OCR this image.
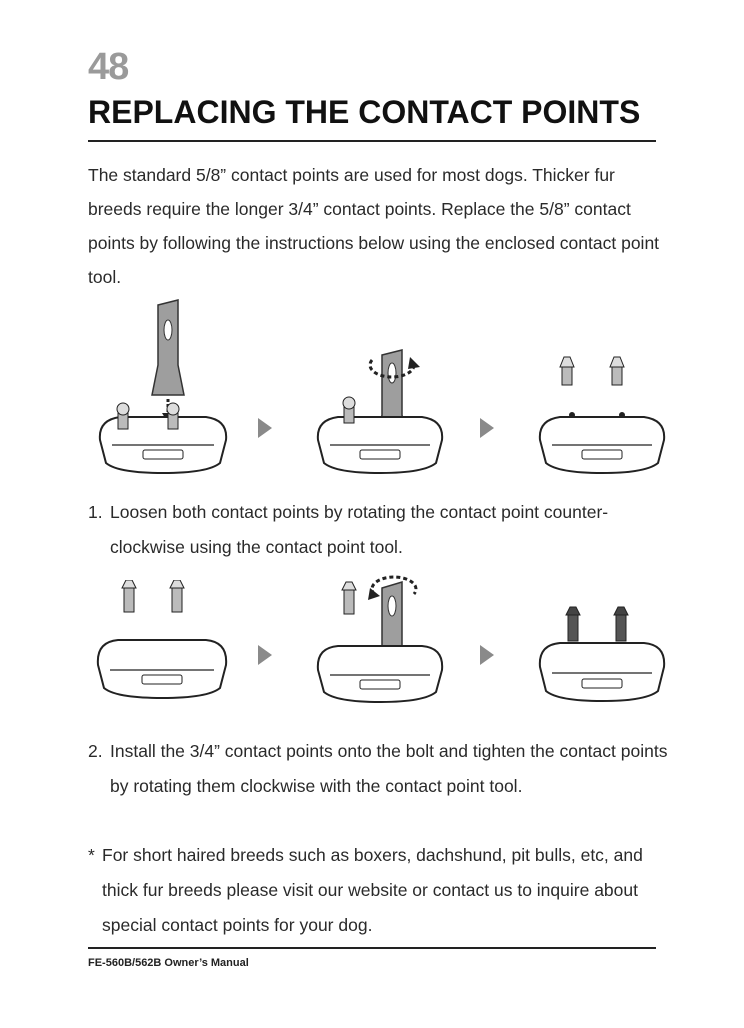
48
REPLACING THE CONTACT POINTS

The standard 5/8” contact points are used for most dogs. Thicker fur breeds require the longer 3/4” contact points. Replace the 5/8” contact points by following the instructions below using the enclosed contact point tool.

1. Loosen both contact points by rotating the contact point counter-clockwise using the contact point tool.
2. Install the 3/4” contact points onto the bolt and tighten the contact points by rotating them clockwise with the contact point tool.
* For short haired breeds such as boxers, dachshund, pit bulls, etc, and thick fur breeds please visit our website or contact us to inquire about special contact points for your dog.
FE-560B/562B Owner’s Manual
